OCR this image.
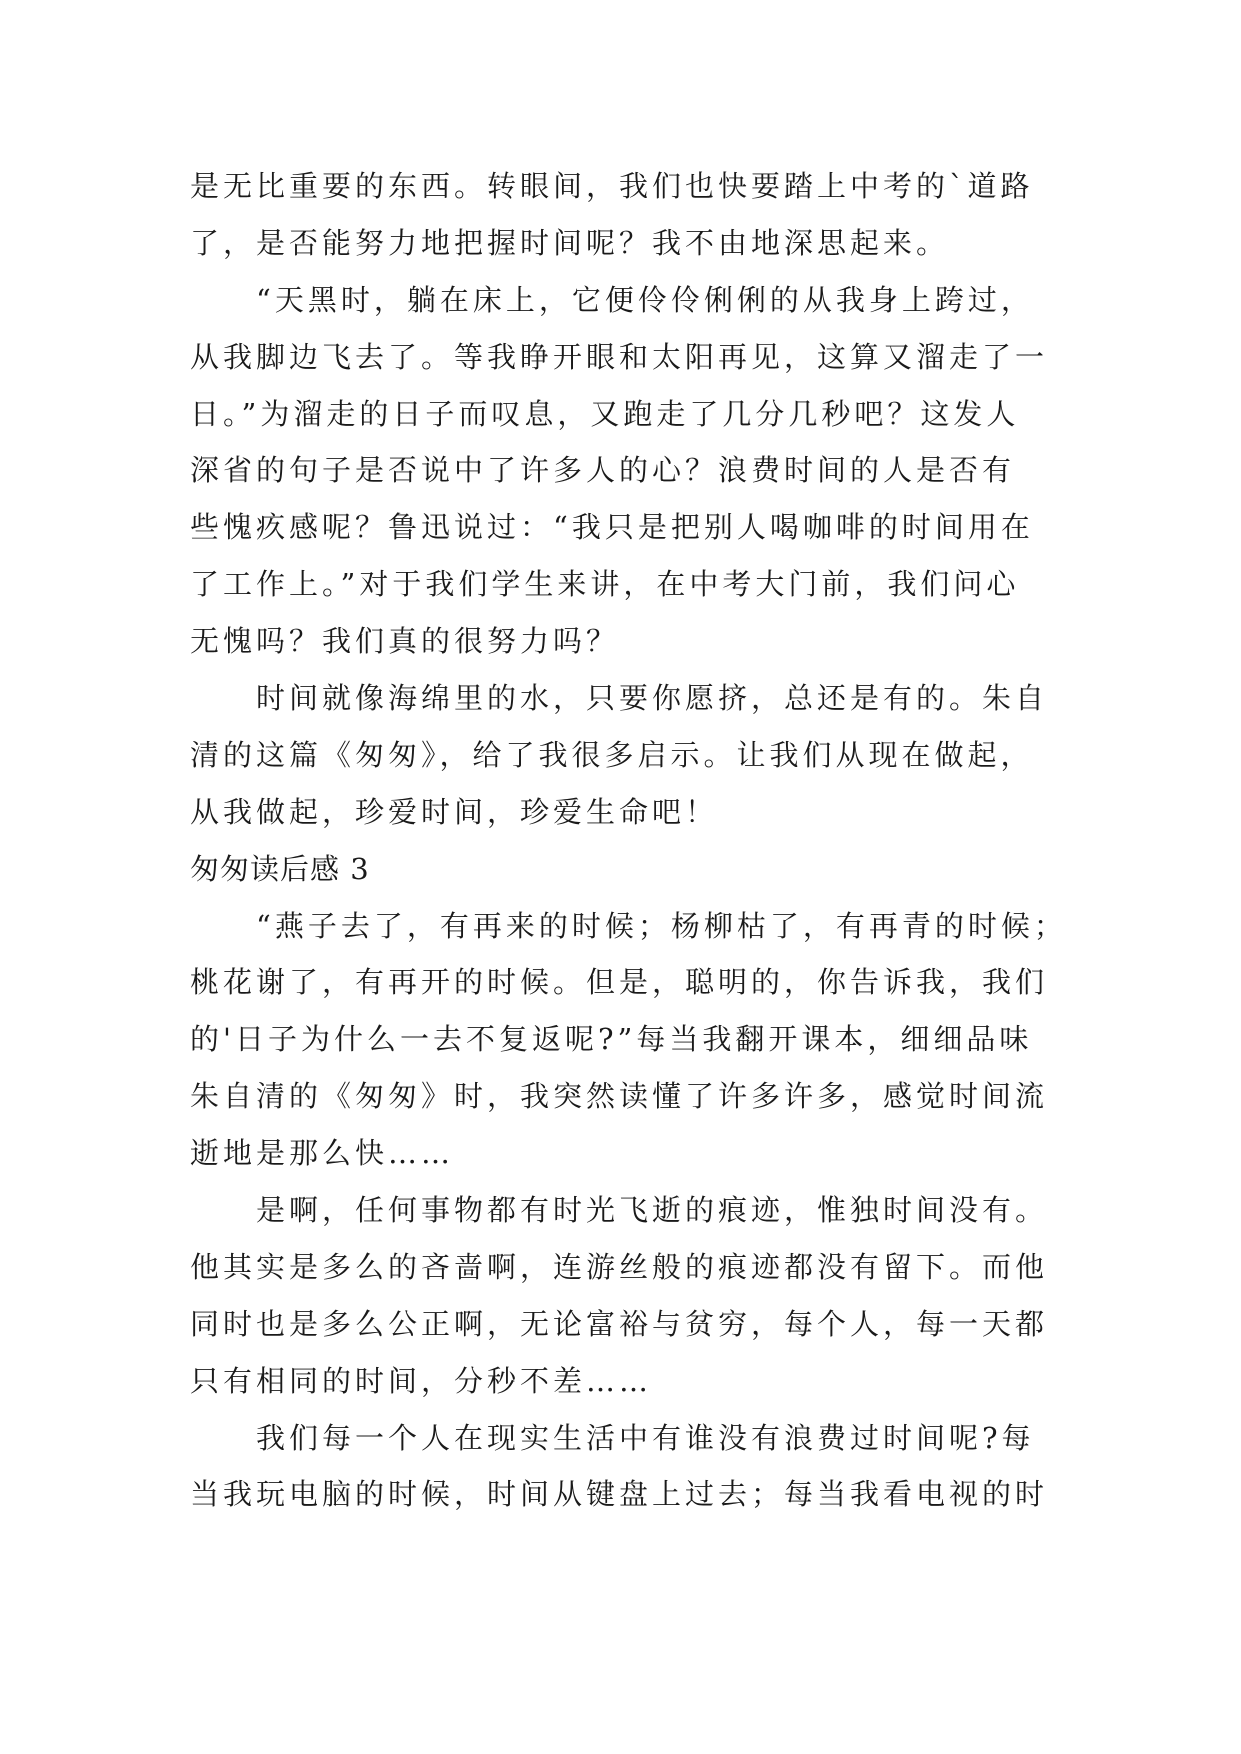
是无比重要的东西。转眼间，我们也快要踏上中考的`道路
了，是否能努力地把握时间呢？我不由地深思起来。
　　“天黑时，躺在床上，它便伶伶俐俐的从我身上跨过，
从我脚边飞去了。等我睁开眼和太阳再见，这算又溜走了一
日。”为溜走的日子而叹息，又跑走了几分几秒吧？这发人
深省的句子是否说中了许多人的心？浪费时间的人是否有
些愧疚感呢？鲁迅说过：“我只是把别人喝咖啡的时间用在
了工作上。”对于我们学生来讲，在中考大门前，我们问心
无愧吗？我们真的很努力吗？
　　时间就像海绵里的水，只要你愿挤，总还是有的。朱自
清的这篇《匆匆》，给了我很多启示。让我们从现在做起，
从我做起，珍爱时间，珍爱生命吧！
匆匆读后感 3
　　“燕子去了，有再来的时候；杨柳枯了，有再青的时候；
桃花谢了，有再开的时候。但是，聪明的，你告诉我，我们
的'日子为什么一去不复返呢?”每当我翻开课本，细细品味
朱自清的《匆匆》时，我突然读懂了许多许多，感觉时间流
逝地是那么快……
　　是啊，任何事物都有时光飞逝的痕迹，惟独时间没有。
他其实是多么的吝啬啊，连游丝般的痕迹都没有留下。而他
同时也是多么公正啊，无论富裕与贫穷，每个人，每一天都
只有相同的时间，分秒不差……
　　我们每一个人在现实生活中有谁没有浪费过时间呢?每
当我玩电脑的时候，时间从键盘上过去；每当我看电视的时
